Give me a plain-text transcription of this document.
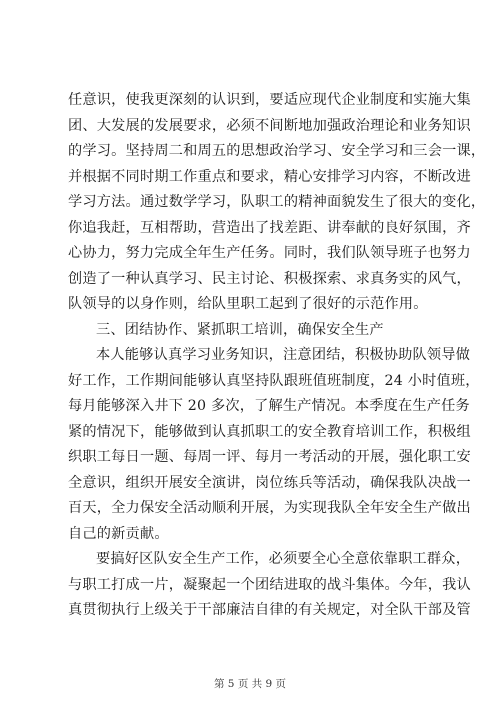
任意识，使我更深刻的认识到，要适应现代企业制度和实施大集
团、大发展的发展要求，必须不间断地加强政治理论和业务知识
的学习。坚持周二和周五的思想政治学习、安全学习和三会一课，
并根据不同时期工作重点和要求，精心安排学习内容，不断改进
学习方法。通过数学学习，队职工的精神面貌发生了很大的变化，
你追我赶，互相帮助，营造出了找差距、讲奉献的良好氛围，齐
心协力，努力完成全年生产任务。同时，我们队领导班子也努力
创造了一种认真学习、民主讨论、积极探索、求真务实的风气，
队领导的以身作则，给队里职工起到了很好的示范作用。
三、团结协作、紧抓职工培训，确保安全生产
本人能够认真学习业务知识，注意团结，积极协助队领导做
好工作，工作期间能够认真坚持队跟班值班制度，24 小时值班，
每月能够深入井下 20 多次，了解生产情况。本季度在生产任务
紧的情况下，能够做到认真抓职工的安全教育培训工作，积极组
织职工每日一题、每周一评、每月一考活动的开展，强化职工安
全意识，组织开展安全演讲，岗位练兵等活动，确保我队决战一
百天，全力保安全活动顺利开展，为实现我队全年安全生产做出
自己的新贡献。
要搞好区队安全生产工作，必须要全心全意依靠职工群众，
与职工打成一片，凝聚起一个团结进取的战斗集体。今年，我认
真贯彻执行上级关于干部廉洁自律的有关规定，对全队干部及管
第 5 页 共 9 页
